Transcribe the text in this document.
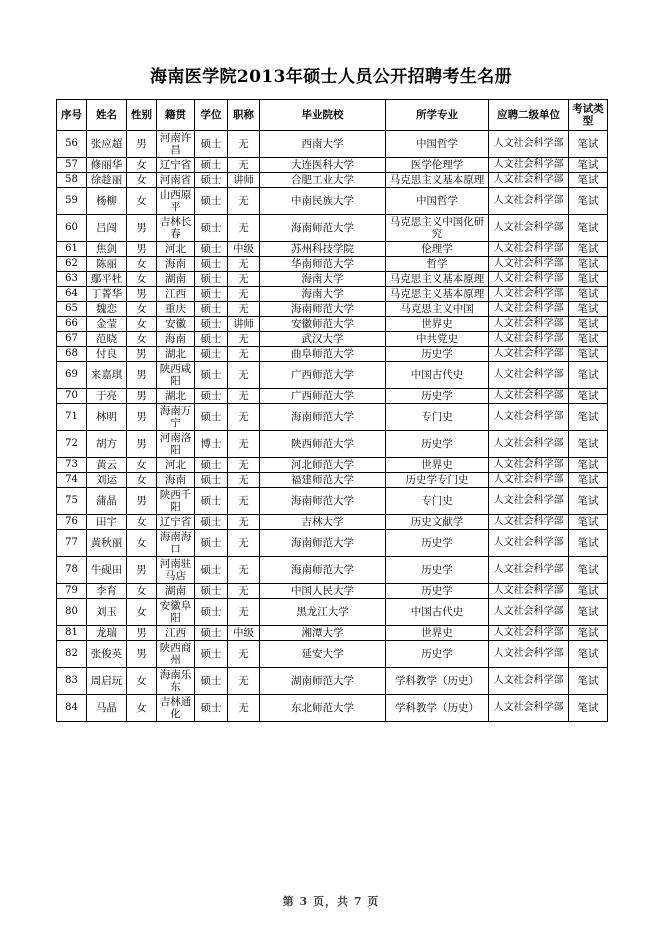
海南医学院2013年硕士人员公开招聘考生名册
序号	姓名	性别	籍贯	学位	职称	毕业院校	所学专业	应聘二级单位	考试类型
56	张应超	男	河南许昌	硕士	无	西南大学	中国哲学	人文社会科学部	笔试
57	修丽华	女	辽宁省	硕士	无	大连医科大学	医学伦理学	人文社会科学部	笔试
58	徐趁丽	女	河南省	硕士	讲师	合肥工业大学	马克思主义基本原理	人文社会科学部	笔试
59	杨柳	女	山西原平	硕士	无	中南民族大学	中国哲学	人文社会科学部	笔试
60	吕闯	男	吉林长春	硕士	无	海南师范大学	马克思主义中国化研究	人文社会科学部	笔试
61	焦剑	男	河北	硕士	中级	苏州科技学院	伦理学	人文社会科学部	笔试
62	陈丽	女	海南	硕士	无	华南师范大学	哲学	人文社会科学部	笔试
63	鄢平牡	女	湖南	硕士	无	海南大学	马克思主义基本原理	人文社会科学部	笔试
64	丁菁华	男	江西	硕士	无	海南大学	马克思主义基本原理	人文社会科学部	笔试
65	魏恋	女	重庆	硕士	无	海南师范大学	马克思主义中国	人文社会科学部	笔试
66	金莹	女	安徽	硕士	讲师	安徽师范大学	世界史	人文社会科学部	笔试
67	范晓	女	海南	硕士	无	武汉大学	中共党史	人文社会科学部	笔试
68	付良	男	湖北	硕士	无	曲阜师范大学	历史学	人文社会科学部	笔试
69	来嘉琪	男	陕西咸阳	硕士	无	广西师范大学	中国古代史	人文社会科学部	笔试
70	于亮	男	湖北	硕士	无	广西师范大学	历史学	人文社会科学部	笔试
71	林明	男	海南万宁	硕士	无	海南师范大学	专门史	人文社会科学部	笔试
72	胡方	男	河南洛阳	博士	无	陕西师范大学	历史学	人文社会科学部	笔试
73	黄云	女	河北	硕士	无	河北师范大学	世界史	人文社会科学部	笔试
74	刘运	女	海南	硕士	无	福建师范大学	历史学专门史	人文社会科学部	笔试
75	蒲晶	男	陕西千阳	硕士	无	海南师范大学	专门史	人文社会科学部	笔试
76	田宇	女	辽宁省	硕士	无	吉林大学	历史文献学	人文社会科学部	笔试
77	黄秋丽	女	海南海口	硕士	无	海南师范大学	历史学	人文社会科学部	笔试
78	牛砚田	男	河南驻马店	硕士	无	海南师范大学	历史学	人文社会科学部	笔试
79	李育	女	湖南	硕士	无	中国人民大学	历史学	人文社会科学部	笔试
80	刘玉	女	安徽阜阳	硕士	无	黑龙江大学	中国古代史	人文社会科学部	笔试
81	龙瑞	男	江西	硕士	中级	湘潭大学	世界史	人文社会科学部	笔试
82	张俊英	男	陕西商州	硕士	无	延安大学	历史学	人文社会科学部	笔试
83	周启玩	女	海南乐东	硕士	无	湖南师范大学	学科教学（历史）	人文社会科学部	笔试
84	马晶	女	吉林通化	硕士	无	东北师范大学	学科教学（历史）	人文社会科学部	笔试
第 3 页，共 7 页
